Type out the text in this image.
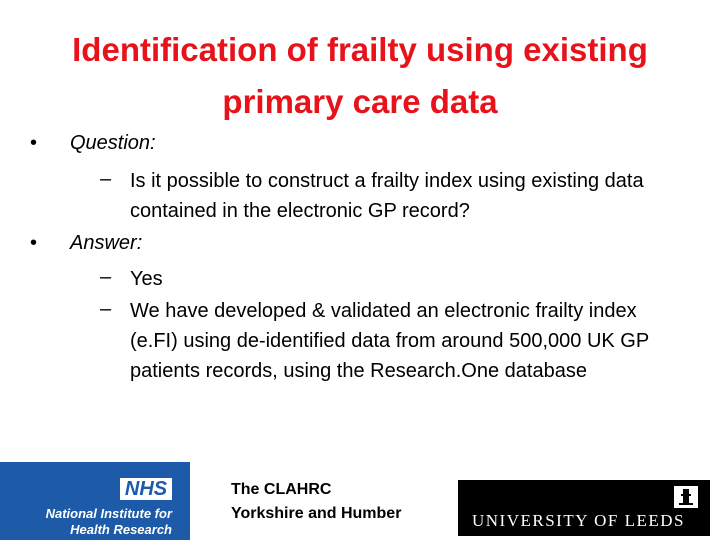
Identification of frailty using existing
primary care data
• Question:
– Is it possible to construct a frailty index using existing data
contained in the electronic GP record?
• Answer:
– Yes
– We have developed & validated an electronic frailty index
(e.FI) using de-identified data from around 500,000 UK GP
patients records, using the Research.One database
NHS
National Institute for
Health Research
The CLAHRC
Yorkshire and Humber	UNIVERSITY OF LEEDS
